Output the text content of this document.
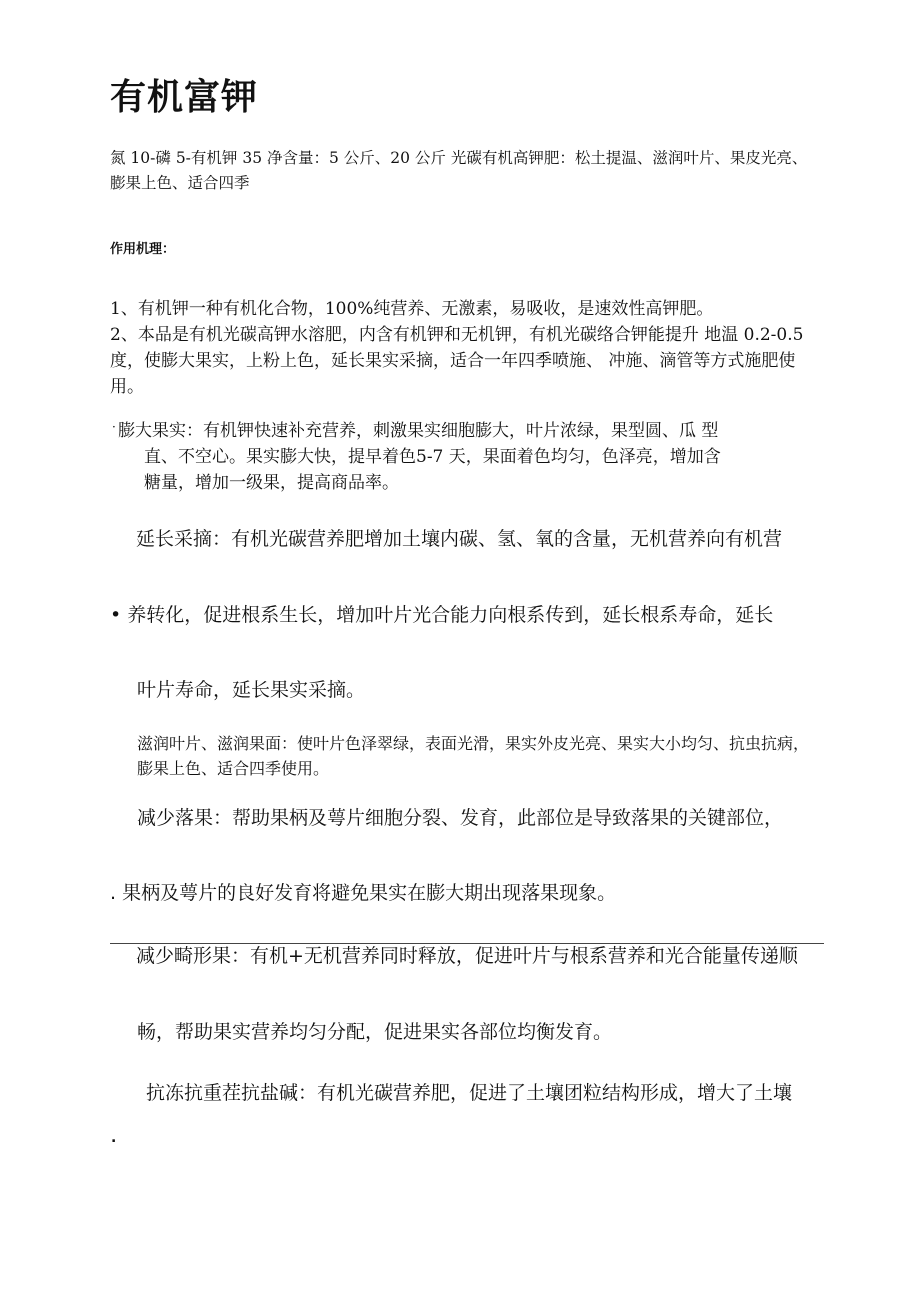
有机富钾
氮 10-磷 5-有机钾 35 净含量：5 公斤、20 公斤 光碳有机高钾肥：松土提温、滋润叶片、果皮光亮、膨果上色、适合四季
作用机理：
1、有机钾一种有机化合物，100%纯营养、无激素，易吸收，是速效性高钾肥。
2、本品是有机光碳高钾水溶肥，内含有机钾和无机钾，有机光碳络合钾能提升 地温 0.2-0.5 度，使膨大果实，上粉上色，延长果实采摘，适合一年四季喷施、 冲施、滴管等方式施肥使用。
· 膨大果实：有机钾快速补充营养，刺激果实细胞膨大，叶片浓绿，果型圆、瓜 型
直、不空心。果实膨大快，提早着色5-7 天，果面着色均匀，色泽亮，增加含
糖量，增加一级果，提高商品率。
延长采摘：有机光碳营养肥增加土壤内碳、氢、氧的含量，无机营养向有机营
• 养转化，促进根系生长，增加叶片光合能力向根系传到，延长根系寿命，延长
叶片寿命，延长果实采摘。
滋润叶片、滋润果面：使叶片色泽翠绿，表面光滑，果实外皮光亮、果实大小均匀、抗虫抗病，膨果上色、适合四季使用。
减少落果：帮助果柄及萼片细胞分裂、发育，此部位是导致落果的关键部位，
. 果柄及萼片的良好发育将避免果实在膨大期出现落果现象。
减少畸形果：有机+无机营养同时释放，促进叶片与根系营养和光合能量传递顺
畅，帮助果实营养均匀分配，促进果实各部位均衡发育。
抗冻抗重茬抗盐碱：有机光碳营养肥，促进了土壤团粒结构形成，增大了土壤
.
